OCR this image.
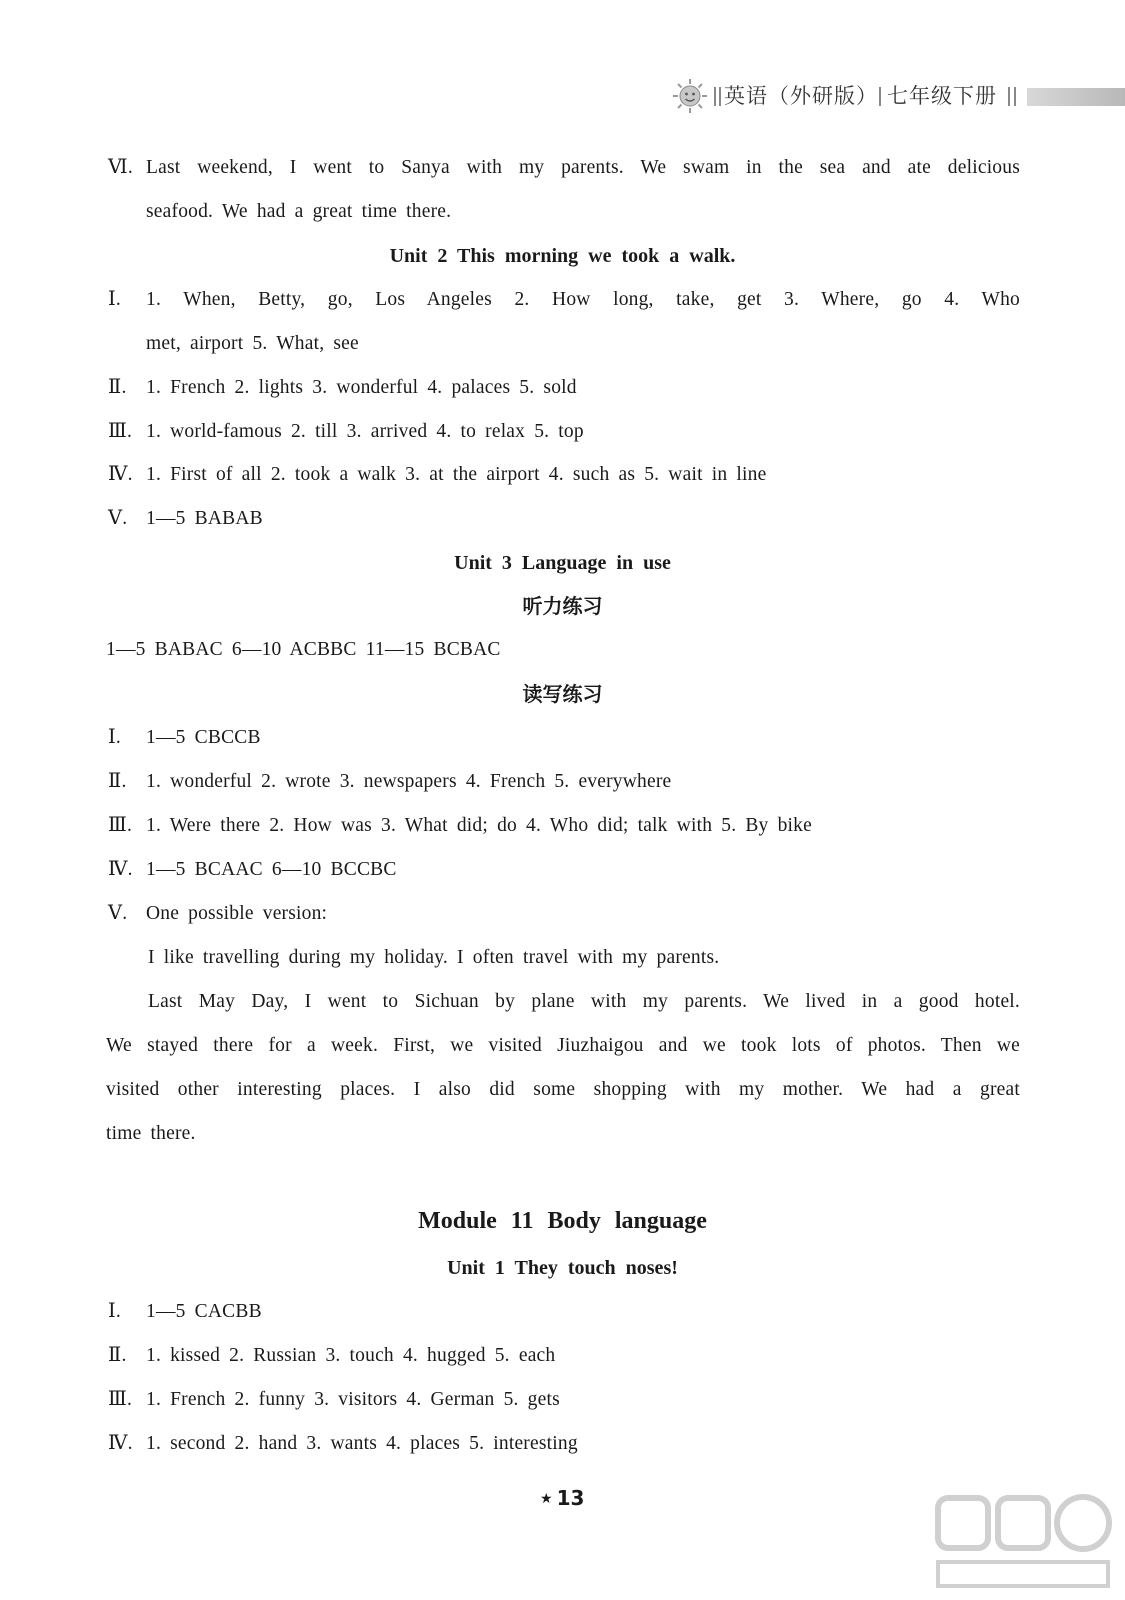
英语（外研版） 七年级下册
Ⅵ. Last weekend, I went to Sanya with my parents. We swam in the sea and ate delicious
seafood. We had a great time there.
Unit 2 This morning we took a walk.
Ⅰ. 1. When, Betty, go, Los Angeles 2. How long, take, get 3. Where, go 4. Who
met, airport 5. What, see
Ⅱ. 1. French 2. lights 3. wonderful 4. palaces 5. sold
Ⅲ. 1. world-famous 2. till 3. arrived 4. to relax 5. top
Ⅳ. 1. First of all 2. took a walk 3. at the airport 4. such as 5. wait in line
Ⅴ. 1—5 BABAB
Unit 3 Language in use
听力练习
1—5 BABAC 6—10 ACBBC 11—15 BCBAC
读写练习
Ⅰ. 1—5 CBCCB
Ⅱ. 1. wonderful 2. wrote 3. newspapers 4. French 5. everywhere
Ⅲ. 1. Were there 2. How was 3. What did; do 4. Who did; talk with 5. By bike
Ⅳ. 1—5 BCAAC 6—10 BCCBC
Ⅴ. One possible version:
I like travelling during my holiday. I often travel with my parents.
Last May Day, I went to Sichuan by plane with my parents. We lived in a good hotel.
We stayed there for a week. First, we visited Jiuzhaigou and we took lots of photos. Then we
visited other interesting places. I also did some shopping with my mother. We had a great
time there.
Module 11 Body language
Unit 1 They touch noses!
Ⅰ. 1—5 CACBB
Ⅱ. 1. kissed 2. Russian 3. touch 4. hugged 5. each
Ⅲ. 1. French 2. funny 3. visitors 4. German 5. gets
Ⅳ. 1. second 2. hand 3. wants 4. places 5. interesting
★ 13
